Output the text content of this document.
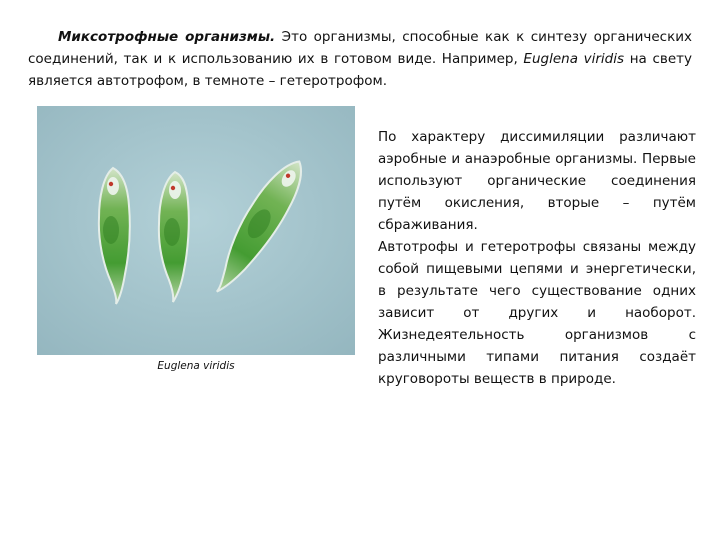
Миксотрофные организмы. Это организмы, способные как к синтезу органических соединений, так и к использованию их в готовом виде. Например, Euglena viridis на свету является автотрофом, в темноте – гетеротрофом.
Euglena viridis

По характеру диссимиляции различают аэробные и анаэробные организмы. Первые используют органические соединения путём окисления, вторые – путём сбраживания.

Автотрофы и гетеротрофы связаны между собой пищевыми цепями и энергетически, в результате чего существование одних зависит от других и наоборот. Жизнедеятельность организмов с различными типами питания создаёт круговороты веществ в природе.
